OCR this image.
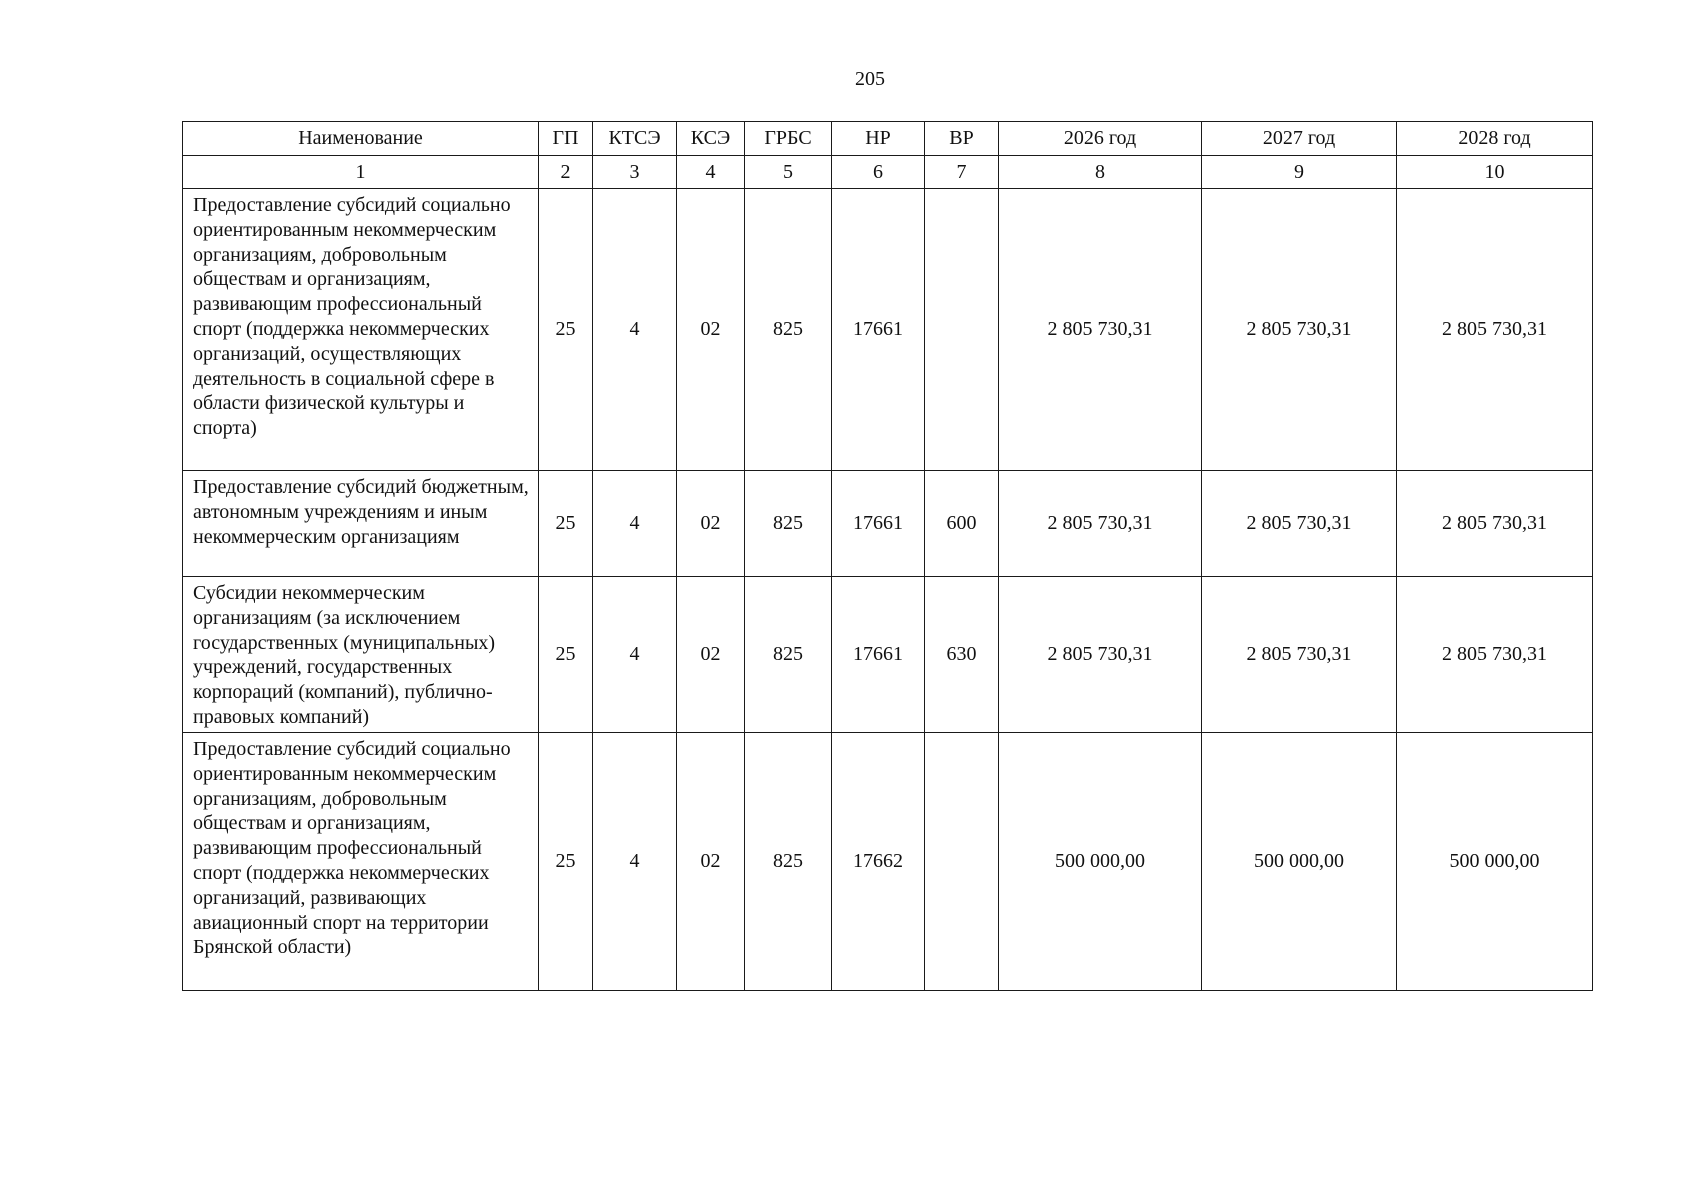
205
Наименование	ГП	КТСЭ	КСЭ	ГРБС	НР	ВР	2026 год	2027 год	2028 год
1	2	3	4	5	6	7	8	9	10
Предоставление субсидий социально ориентированным некоммерческим организациям, добровольным обществам и организациям, развивающим профессиональный спорт (поддержка некоммерческих организаций, осуществляющих деятельность в социальной сфере в области физической культуры и спорта)	25	4	02	825	17661		2 805 730,31	2 805 730,31	2 805 730,31
Предоставление субсидий бюджетным, автономным учреждениям и иным некоммерческим организациям	25	4	02	825	17661	600	2 805 730,31	2 805 730,31	2 805 730,31
Субсидии некоммерческим организациям (за исключением государственных (муниципальных) учреждений, государственных корпораций (компаний), публично-правовых компаний)	25	4	02	825	17661	630	2 805 730,31	2 805 730,31	2 805 730,31
Предоставление субсидий социально ориентированным некоммерческим организациям, добровольным обществам и организациям, развивающим профессиональный спорт (поддержка некоммерческих организаций, развивающих авиационный спорт на территории Брянской области)	25	4	02	825	17662		500 000,00	500 000,00	500 000,00
